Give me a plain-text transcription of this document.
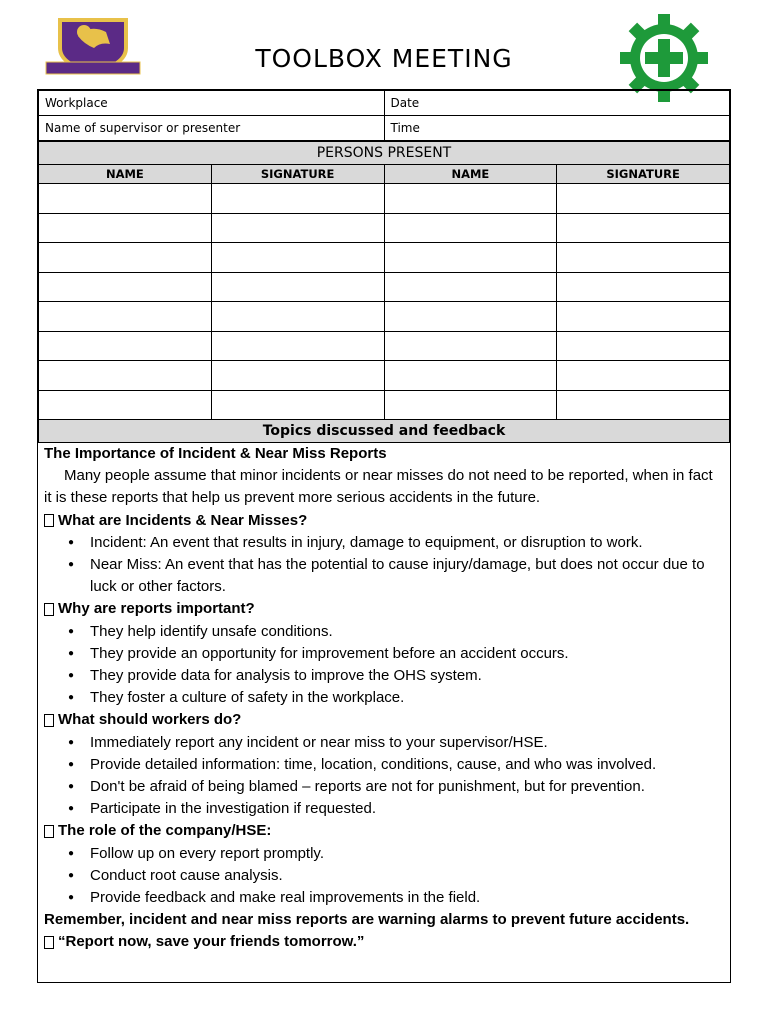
TOOLBOX MEETING
Workplace	Date
Name of supervisor or presenter	Time
PERSONS PRESENT			
NAME	SIGNATURE	NAME	SIGNATURE

Topics discussed and feedback			

The Importance of Incident & Near Miss Reports

Many people assume that minor incidents or near misses do not need to be reported, when in fact it is these reports that help us prevent more serious accidents in the future.

What are Incidents & Near Misses?
● Incident: An event that results in injury, damage to equipment, or disruption to work.
● Near Miss: An event that has the potential to cause injury/damage, but does not occur due to luck or other factors.
Why are reports important?
● They help identify unsafe conditions.
● They provide an opportunity for improvement before an accident occurs.
● They provide data for analysis to improve the OHS system.
● They foster a culture of safety in the workplace.
What should workers do?
● Immediately report any incident or near miss to your supervisor/HSE.
● Provide detailed information: time, location, conditions, cause, and who was involved.
● Don't be afraid of being blamed – reports are not for punishment, but for prevention.
● Participate in the investigation if requested.
The role of the company/HSE:
● Follow up on every report promptly.
● Conduct root cause analysis.
● Provide feedback and make real improvements in the field.

Remember, incident and near miss reports are warning alarms to prevent future accidents.

“Report now, save your friends tomorrow.”
